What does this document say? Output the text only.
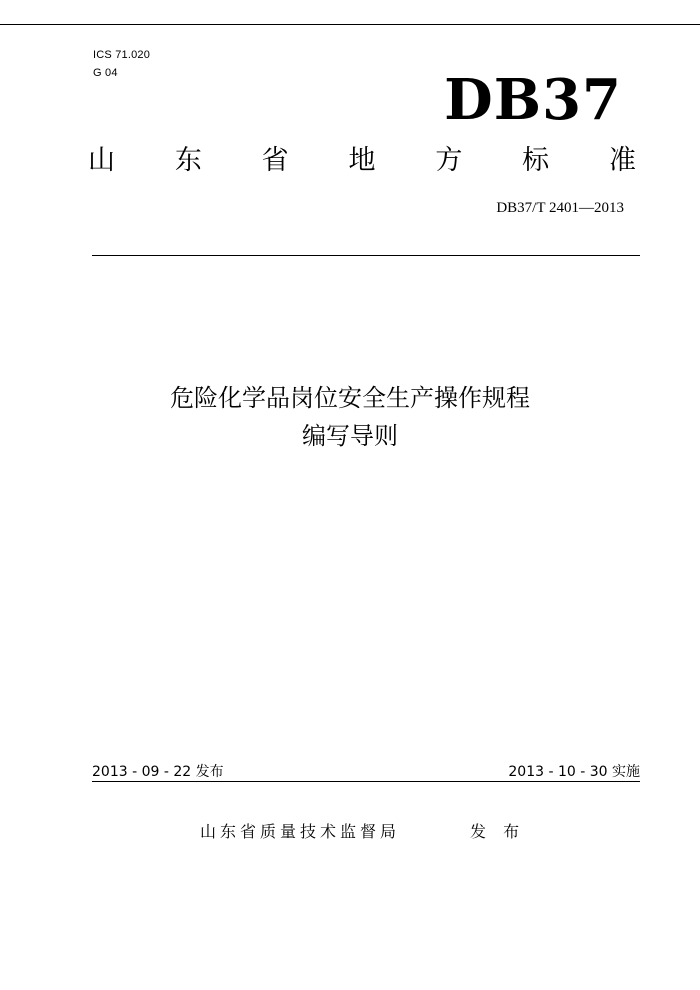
ICS 71.020
G 04	DB37
山 东 省 地 方 标 准
DB37/T 2401—2013
危险化学品岗位安全生产操作规程
编写导则
2013 - 09 - 22 发布	2013 - 10 - 30 实施
山东省质量技术监督局	发 布
